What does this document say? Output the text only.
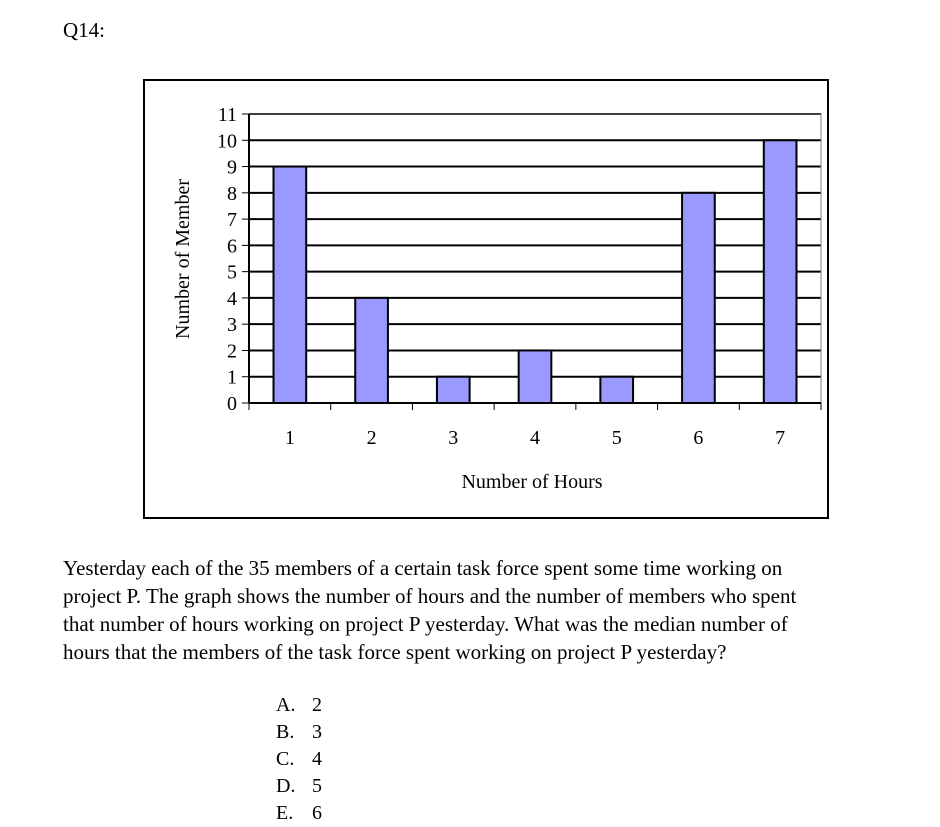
Q14:
0
1
2
3
4
5
6
7
8
9
10
11
1	2	3	4	5	6	7
Number of Hours
Number of Member

Yesterday each of the 35 members of a certain task force spent some time working on

project P. The graph shows the number of hours and the number of members who spent

that number of hours working on project P yesterday. What was the median number of

hours that the members of the task force spent working on project P yesterday?

A. 2
B. 3
C. 4
D. 5
E. 6
